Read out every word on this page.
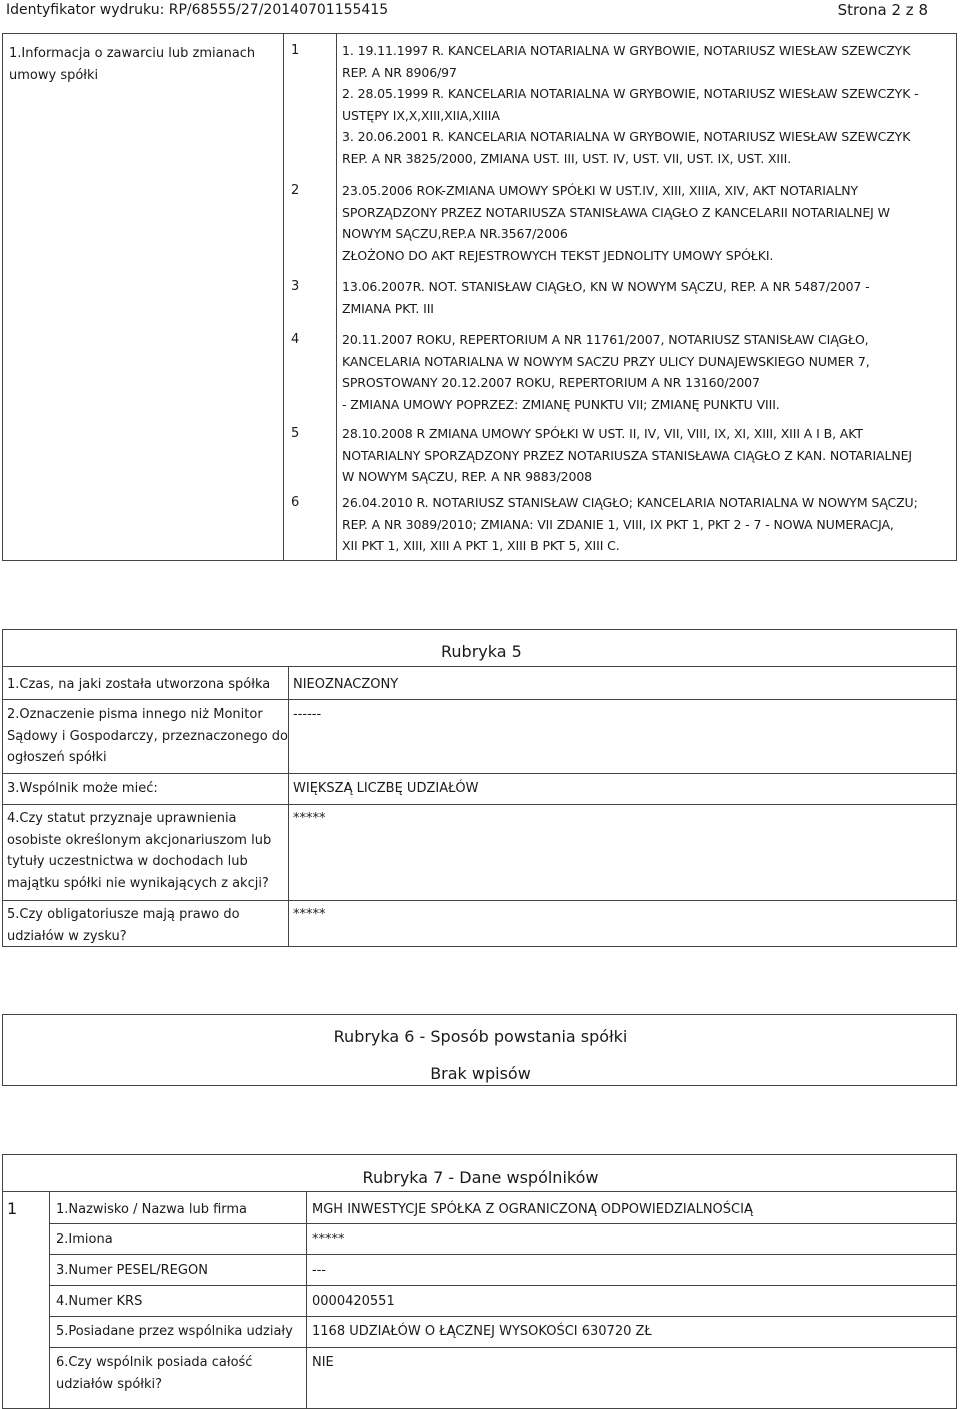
Identyfikator wydruku: RP/68555/27/20140701155415	Strona 2 z 8
1.Informacja o zawarciu lub zmianach
umowy spółki
1	1. 19.11.1997 R. KANCELARIA NOTARIALNA W GRYBOWIE, NOTARIUSZ WIESŁAW SZEWCZYK
REP. A NR 8906/97
2. 28.05.1999 R. KANCELARIA NOTARIALNA W GRYBOWIE, NOTARIUSZ WIESŁAW SZEWCZYK -
USTĘPY IX,X,XIII,XIIA,XIIIA
3. 20.06.2001 R. KANCELARIA NOTARIALNA W GRYBOWIE, NOTARIUSZ WIESŁAW SZEWCZYK
REP. A NR 3825/2000, ZMIANA UST. III, UST. IV, UST. VII, UST. IX, UST. XIII.
2	23.05.2006 ROK-ZMIANA UMOWY SPÓŁKI W UST.IV, XIII, XIIIA, XIV, AKT NOTARIALNY
SPORZĄDZONY PRZEZ NOTARIUSZA STANISŁAWA CIĄGŁO Z KANCELARII NOTARIALNEJ W
NOWYM SĄCZU,REP.A NR.3567/2006
ZŁOŻONO DO AKT REJESTROWYCH TEKST JEDNOLITY UMOWY SPÓŁKI.
3	13.06.2007R. NOT. STANISŁAW CIĄGŁO, KN W NOWYM SĄCZU, REP. A NR 5487/2007 -
ZMIANA PKT. III
4	20.11.2007 ROKU, REPERTORIUM A NR 11761/2007, NOTARIUSZ STANISŁAW CIĄGŁO,
KANCELARIA NOTARIALNA W NOWYM SACZU PRZY ULICY DUNAJEWSKIEGO NUMER 7,
SPROSTOWANY 20.12.2007 ROKU, REPERTORIUM A NR 13160/2007
- ZMIANA UMOWY POPRZEZ: ZMIANĘ PUNKTU VII; ZMIANĘ PUNKTU VIII.
5	28.10.2008 R ZMIANA UMOWY SPÓŁKI W UST. II, IV, VII, VIII, IX, XI, XIII, XIII A I B, AKT
NOTARIALNY SPORZĄDZONY PRZEZ NOTARIUSZA STANISŁAWA CIĄGŁO Z KAN. NOTARIALNEJ
W NOWYM SĄCZU, REP. A NR 9883/2008
6	26.04.2010 R. NOTARIUSZ STANISŁAW CIĄGŁO; KANCELARIA NOTARIALNA W NOWYM SĄCZU;
REP. A NR 3089/2010; ZMIANA: VII ZDANIE 1, VIII, IX PKT 1, PKT 2 - 7 - NOWA NUMERACJA,
XII PKT 1, XIII, XIII A PKT 1, XIII B PKT 5, XIII C.
Rubryka 5
1.Czas, na jaki została utworzona spółka NIEOZNACZONY
2.Oznaczenie pisma innego niż Monitor
Sądowy i Gospodarczy, przeznaczonego do
ogłoszeń spółki
------
3.Wspólnik może mieć:	WIĘKSZĄ LICZBĘ UDZIAŁÓW
4.Czy statut przyznaje uprawnienia
osobiste określonym akcjonariuszom lub
tytuły uczestnictwa w dochodach lub
majątku spółki nie wynikających z akcji?
*****
5.Czy obligatoriusze mają prawo do
udziałów w zysku?
*****
Rubryka 6 - Sposób powstania spółki
Brak wpisów
Rubryka 7 - Dane wspólników
1	1.Nazwisko / Nazwa lub firma	MGH INWESTYCJE SPÓŁKA Z OGRANICZONĄ ODPOWIEDZIALNOŚCIĄ
2.Imiona	*****
3.Numer PESEL/REGON	---
4.Numer KRS	0000420551
5.Posiadane przez wspólnika udziały 1168 UDZIAŁÓW O ŁĄCZNEJ WYSOKOŚCI 630720 ZŁ
6.Czy wspólnik posiada całość
udziałów spółki?
NIE
